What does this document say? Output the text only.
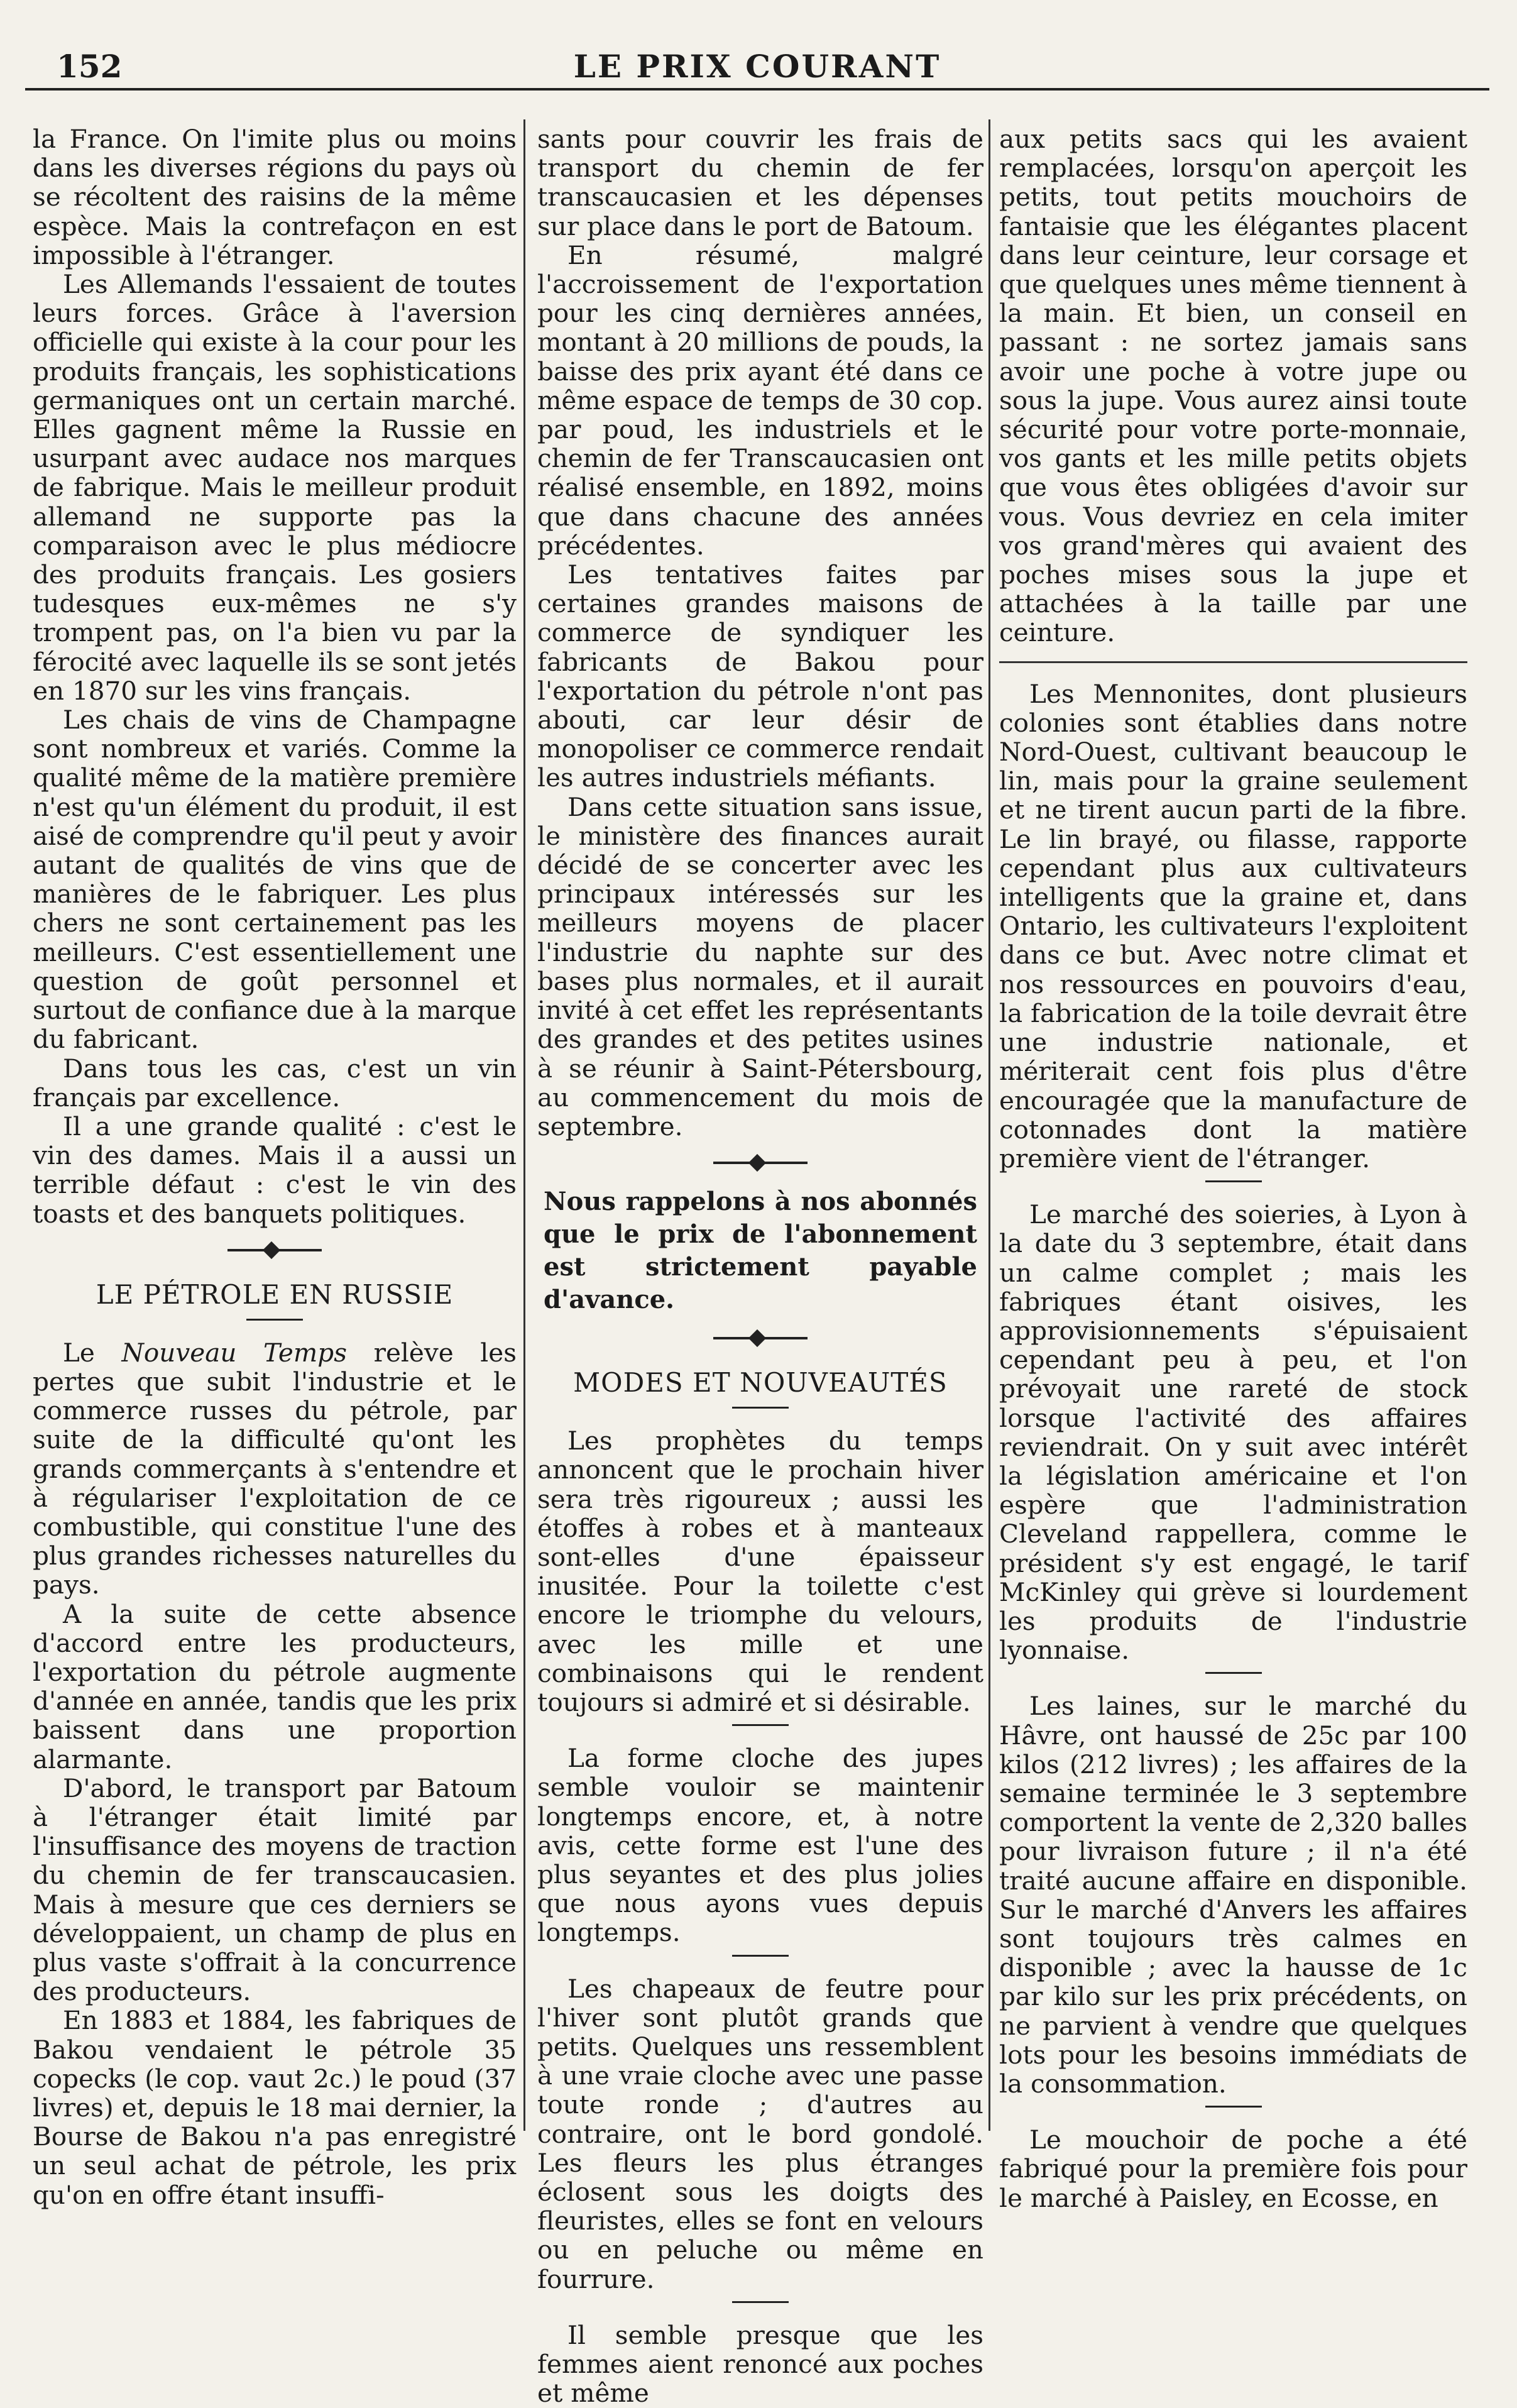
152	LE PRIX COURANT

la France. On l'imite plus ou moins dans les diverses régions du pays où se récoltent des raisins de la même espèce. Mais la contrefaçon en est impossible à l'étranger.

Les Allemands l'essaient de toutes leurs forces. Grâce à l'aversion officielle qui existe à la cour pour les produits français, les sophistications germaniques ont un certain marché. Elles gagnent même la Russie en usurpant avec audace nos marques de fabrique. Mais le meilleur produit allemand ne supporte pas la comparaison avec le plus médiocre des produits français. Les gosiers tudesques eux-mêmes ne s'y trompent pas, on l'a bien vu par la férocité avec laquelle ils se sont jetés en 1870 sur les vins français.

Les chais de vins de Champagne sont nombreux et variés. Comme la qualité même de la matière première n'est qu'un élément du produit, il est aisé de comprendre qu'il peut y avoir autant de qualités de vins que de manières de le fabriquer. Les plus chers ne sont certainement pas les meilleurs. C'est essentiellement une question de goût personnel et surtout de confiance due à la marque du fabricant.

Dans tous les cas, c'est un vin français par excellence.

Il a une grande qualité : c'est le vin des dames. Mais il a aussi un terrible défaut : c'est le vin des toasts et des banquets politiques.

LE PÉTROLE EN RUSSIE

Le Nouveau Temps relève les pertes que subit l'industrie et le commerce russes du pétrole, par suite de la difficulté qu'ont les grands commerçants à s'entendre et à régulariser l'exploitation de ce combustible, qui constitue l'une des plus grandes richesses naturelles du pays.

A la suite de cette absence d'accord entre les producteurs, l'exportation du pétrole augmente d'année en année, tandis que les prix baissent dans une proportion alarmante.

D'abord, le transport par Batoum à l'étranger était limité par l'insuffisance des moyens de traction du chemin de fer transcaucasien. Mais à mesure que ces derniers se développaient, un champ de plus en plus vaste s'offrait à la concurrence des producteurs.

En 1883 et 1884, les fabriques de Bakou vendaient le pétrole 35 copecks (le cop. vaut 2c.) le poud (37 livres) et, depuis le 18 mai dernier, la Bourse de Bakou n'a pas enregistré un seul achat de pétrole, les prix qu'on en offre étant insuffi-

sants pour couvrir les frais de transport du chemin de fer transcaucasien et les dépenses sur place dans le port de Batoum.

En résumé, malgré l'accroissement de l'exportation pour les cinq dernières années, montant à 20 millions de pouds, la baisse des prix ayant été dans ce même espace de temps de 30 cop. par poud, les industriels et le chemin de fer Transcaucasien ont réalisé ensemble, en 1892, moins que dans chacune des années précédentes.

Les tentatives faites par certaines grandes maisons de commerce de syndiquer les fabricants de Bakou pour l'exportation du pétrole n'ont pas abouti, car leur désir de monopoliser ce commerce rendait les autres industriels méfiants.

Dans cette situation sans issue, le ministère des finances aurait décidé de se concerter avec les principaux intéressés sur les meilleurs moyens de placer l'industrie du naphte sur des bases plus normales, et il aurait invité à cet effet les représentants des grandes et des petites usines à se réunir à Saint-Pétersbourg, au commencement du mois de septembre.

Nous rappelons à nos abonnés que le prix de l'abonnement est strictement payable d'avance.

MODES ET NOUVEAUTÉS

Les prophètes du temps annoncent que le prochain hiver sera très rigoureux ; aussi les étoffes à robes et à manteaux sont-elles d'une épaisseur inusitée. Pour la toilette c'est encore le triomphe du velours, avec les mille et une combinaisons qui le rendent toujours si admiré et si désirable.

La forme cloche des jupes semble vouloir se maintenir longtemps encore, et, à notre avis, cette forme est l'une des plus seyantes et des plus jolies que nous ayons vues depuis longtemps.

Les chapeaux de feutre pour l'hiver sont plutôt grands que petits. Quelques uns ressemblent à une vraie cloche avec une passe toute ronde ; d'autres au contraire, ont le bord gondolé. Les fleurs les plus étranges éclosent sous les doigts des fleuristes, elles se font en velours ou en peluche ou même en fourrure.

Il semble presque que les femmes aient renoncé aux poches et même

aux petits sacs qui les avaient remplacées, lorsqu'on aperçoit les petits, tout petits mouchoirs de fantaisie que les élégantes placent dans leur ceinture, leur corsage et que quelques unes même tiennent à la main. Et bien, un conseil en passant : ne sortez jamais sans avoir une poche à votre jupe ou sous la jupe. Vous aurez ainsi toute sécurité pour votre porte-monnaie, vos gants et les mille petits objets que vous êtes obligées d'avoir sur vous. Vous devriez en cela imiter vos grand'mères qui avaient des poches mises sous la jupe et attachées à la taille par une ceinture.

Les Mennonites, dont plusieurs colonies sont établies dans notre Nord-Ouest, cultivant beaucoup le lin, mais pour la graine seulement et ne tirent aucun parti de la fibre. Le lin brayé, ou filasse, rapporte cependant plus aux cultivateurs intelligents que la graine et, dans Ontario, les cultivateurs l'exploitent dans ce but. Avec notre climat et nos ressources en pouvoirs d'eau, la fabrication de la toile devrait être une industrie nationale, et mériterait cent fois plus d'être encouragée que la manufacture de cotonnades dont la matière première vient de l'étranger.

Le marché des soieries, à Lyon à la date du 3 septembre, était dans un calme complet ; mais les fabriques étant oisives, les approvisionnements s'épuisaient cependant peu à peu, et l'on prévoyait une rareté de stock lorsque l'activité des affaires reviendrait. On y suit avec intérêt la législation américaine et l'on espère que l'administration Cleveland rappellera, comme le président s'y est engagé, le tarif McKinley qui grève si lourdement les produits de l'industrie lyonnaise.

Les laines, sur le marché du Hâvre, ont haussé de 25c par 100 kilos (212 livres) ; les affaires de la semaine terminée le 3 septembre comportent la vente de 2,320 balles pour livraison future ; il n'a été traité aucune affaire en disponible. Sur le marché d'Anvers les affaires sont toujours très calmes en disponible ; avec la hausse de 1c par kilo sur les prix précédents, on ne parvient à vendre que quelques lots pour les besoins immédiats de la consommation.

Le mouchoir de poche a été fabriqué pour la première fois pour le marché à Paisley, en Ecosse, en
